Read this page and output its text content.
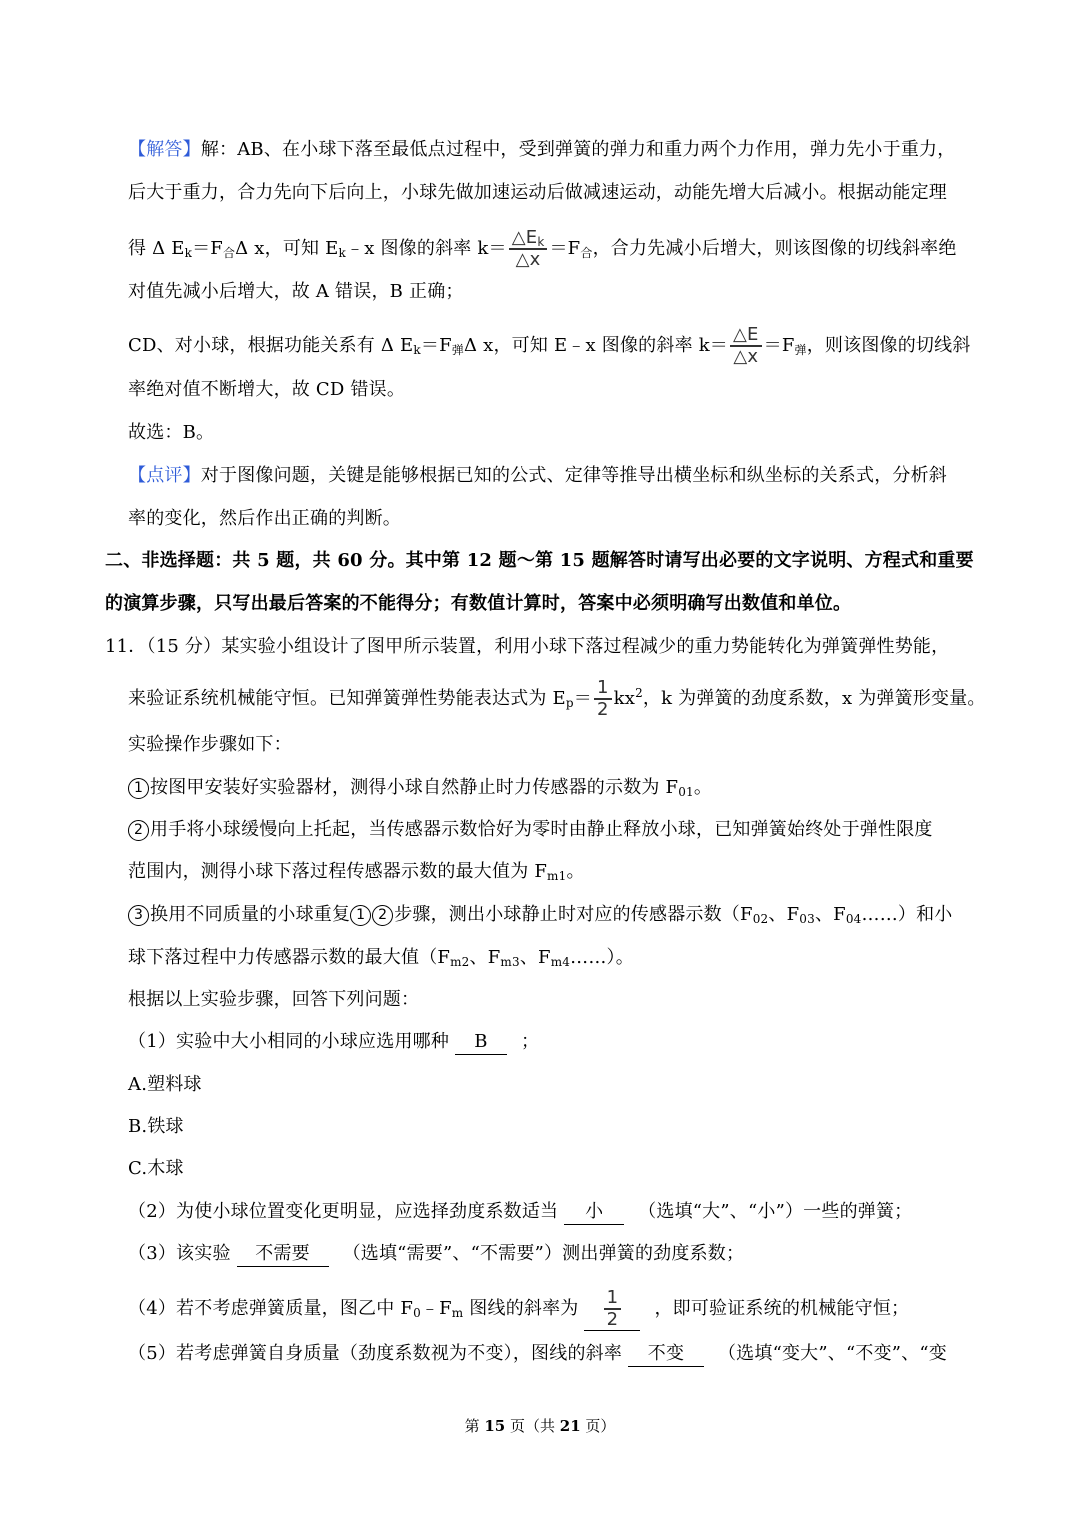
【解答】解：AB、在小球下落至最低点过程中，受到弹簧的弹力和重力两个力作用，弹力先小于重力，
后大于重力，合力先向下后向上，小球先做加速运动后做减速运动，动能先增大后减小。根据动能定理
得 Δ $E_k=F_合\Delta$ x，可知 $E_k﹣x$ 图像的斜率 $k= \frac{\triangle E_k}{\triangle x} =F_合$，合力先减小后增大，则该图像的切线斜率绝
对值先减小后增大，故 A 错误，B 正确；
CD、对小球，根据功能关系有 Δ $E_k=F_弹\Delta$ x，可知 E﹣x 图像的斜率 $k= \frac{\triangle E}{\triangle x} =F_弹$，则该图像的切线斜
率绝对值不断增大，故 CD 错误。
故选：B。
【点评】对于图像问题，关键是能够根据已知的公式、定律等推导出横坐标和纵坐标的关系式，分析斜
率的变化，然后作出正确的判断。
二、非选择题：共 5 题，共 60 分。其中第 12 题～第 15 题解答时请写出必要的文字说明、方程式和重要
的演算步骤，只写出最后答案的不能得分；有数值计算时，答案中必须明确写出数值和单位。
11．（15 分）某实验小组设计了图甲所示装置，利用小球下落过程减少的重力势能转化为弹簧弹性势能，
来验证系统机械能守恒。已知弹簧弹性势能表达式为 $E_p= \frac{1}{2} kx^2$，k 为弹簧的劲度系数，x 为弹簧形变量。
实验操作步骤如下：
1 按图甲安装好实验器材，测得小球自然静止时力传感器的示数为 $F_{01}$。
2 用手将小球缓慢向上托起，当传感器示数恰好为零时由静止释放小球，已知弹簧始终处于弹性限度
范围内，测得小球下落过程传感器示数的最大值为 $F_{m1}$。
3 换用不同质量的小球重复 1 2 步骤，测出小球静止时对应的传感器示数（$F_{02}$、$F_{03}$、$F_{04}\dots\dots$）和小
球下落过程中力传感器示数的最大值（$F_{m2}$、$F_{m3}$、$F_{m4}\dots\dots$）。
根据以上实验步骤，回答下列问题：
（1）实验中大小相同的小球应选用哪种 B ；
A.塑料球
B.铁球
C.木球
（2）为使小球位置变化更明显，应选择劲度系数适当 小 （选填“大”、“小”）一些的弹簧；
（3）该实验 不需要 （选填“需要”、“不需要”）测出弹簧的劲度系数；
（4）若不考虑弹簧质量，图乙中 $F_0﹣F_m$ 图线的斜率为 $\frac{1}{2}$ ，即可验证系统的机械能守恒；
（5）若考虑弹簧自身质量（劲度系数视为不变），图线的斜率 不变 （选填“变大”、“不变”、“变
第 15 页（共 21 页）
